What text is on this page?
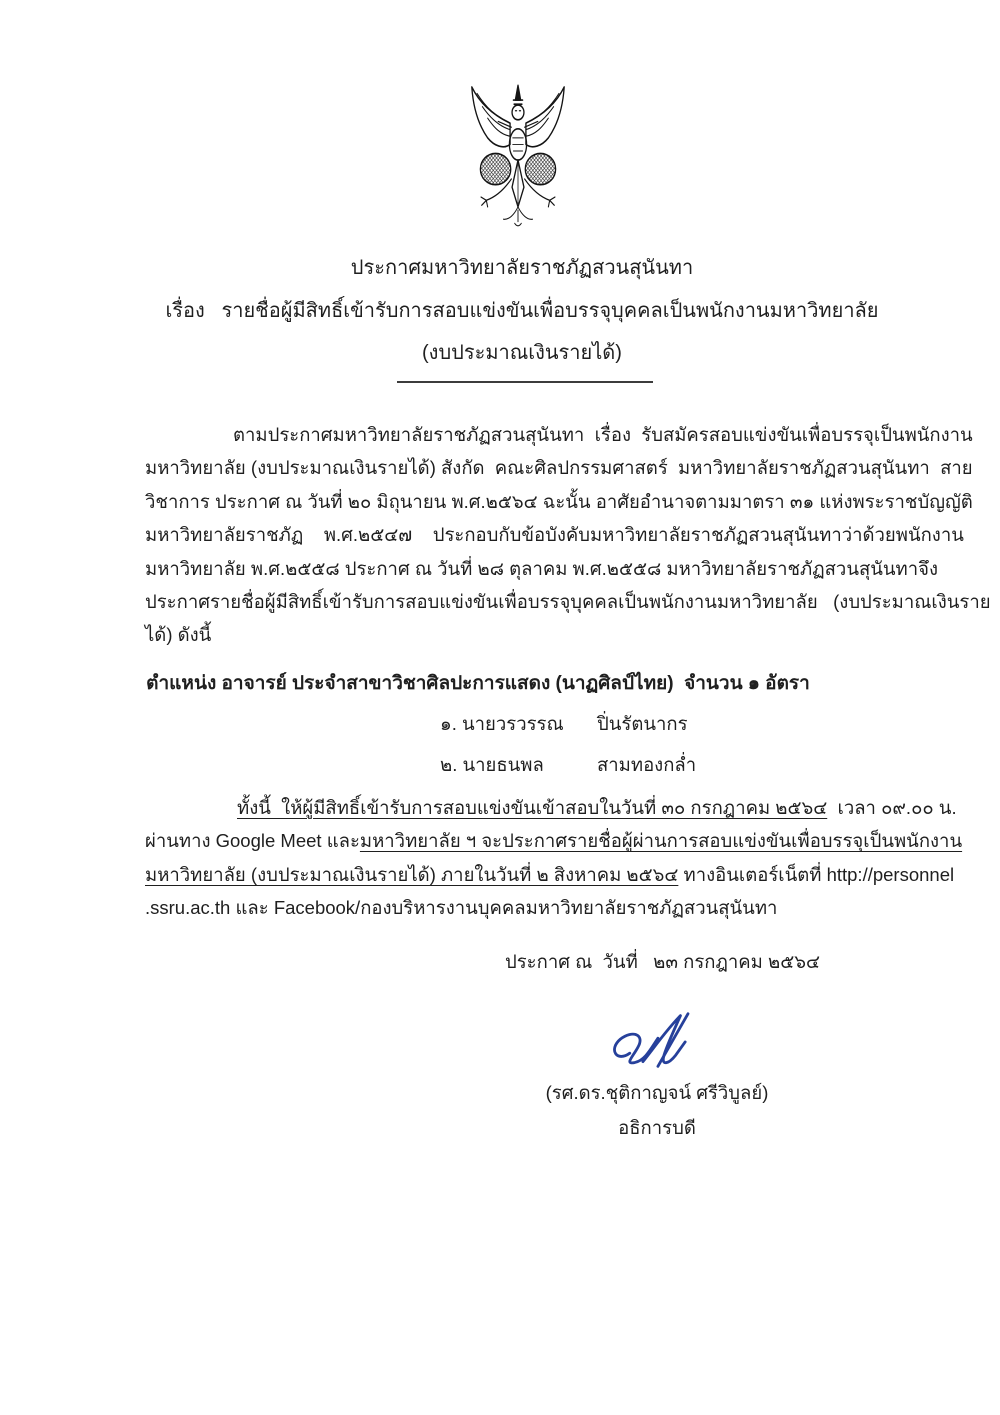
ประกาศมหาวิทยาลัยราชภัฏสวนสุนันทา
เรื่อง   รายชื่อผู้มีสิทธิ์เข้ารับการสอบแข่งขันเพื่อบรรจุบุคคลเป็นพนักงานมหาวิทยาลัย
(งบประมาณเงินรายได้)
ตามประกาศมหาวิทยาลัยราชภัฏสวนสุนันทา  เรื่อง  รับสมัครสอบแข่งขันเพื่อบรรจุเป็นพนักงาน
มหาวิทยาลัย (งบประมาณเงินรายได้) สังกัด  คณะศิลปกรรมศาสตร์  มหาวิทยาลัยราชภัฏสวนสุนันทา  สาย
วิชาการ ประกาศ ณ วันที่ ๒๐ มิถุนายน พ.ศ.๒๕๖๔ ฉะนั้น อาศัยอำนาจตามมาตรา ๓๑ แห่งพระราชบัญญัติ
มหาวิทยาลัยราชภัฏ    พ.ศ.๒๕๔๗    ประกอบกับข้อบังคับมหาวิทยาลัยราชภัฏสวนสุนันทาว่าด้วยพนักงาน
มหาวิทยาลัย พ.ศ.๒๕๕๘ ประกาศ ณ วันที่ ๒๘ ตุลาคม พ.ศ.๒๕๕๘ มหาวิทยาลัยราชภัฏสวนสุนันทาจึง
ประกาศรายชื่อผู้มีสิทธิ์เข้ารับการสอบแข่งขันเพื่อบรรจุบุคคลเป็นพนักงานมหาวิทยาลัย   (งบประมาณเงินราย
ได้) ดังนี้
ตำแหน่ง อาจารย์ ประจำสาขาวิชาศิลปะการแสดง (นาฏศิลป์ไทย)  จำนวน ๑ อัตรา
๑. นายวรวรรณ ปิ่นรัตนากร
๒. นายธนพล	สามทองกล่ำ
ทั้งนี้  ให้ผู้มีสิทธิ์เข้ารับการสอบแข่งขันเข้าสอบในวันที่ ๓๐ กรกฎาคม ๒๕๖๔  เวลา ๐๙.๐๐ น.
ผ่านทาง Google Meet และมหาวิทยาลัย ฯ จะประกาศรายชื่อผู้ผ่านการสอบแข่งขันเพื่อบรรจุเป็นพนักงาน
มหาวิทยาลัย (งบประมาณเงินรายได้) ภายในวันที่ ๒ สิงหาคม ๒๕๖๔ ทางอินเตอร์เน็ตที่ http://personnel
.ssru.ac.th และ Facebook/กองบริหารงานบุคคลมหาวิทยาลัยราชภัฏสวนสุนันทา
ประกาศ ณ  วันที่   ๒๓ กรกฎาคม ๒๕๖๔
(รศ.ดร.ชุติกาญจน์ ศรีวิบูลย์)
อธิการบดี
